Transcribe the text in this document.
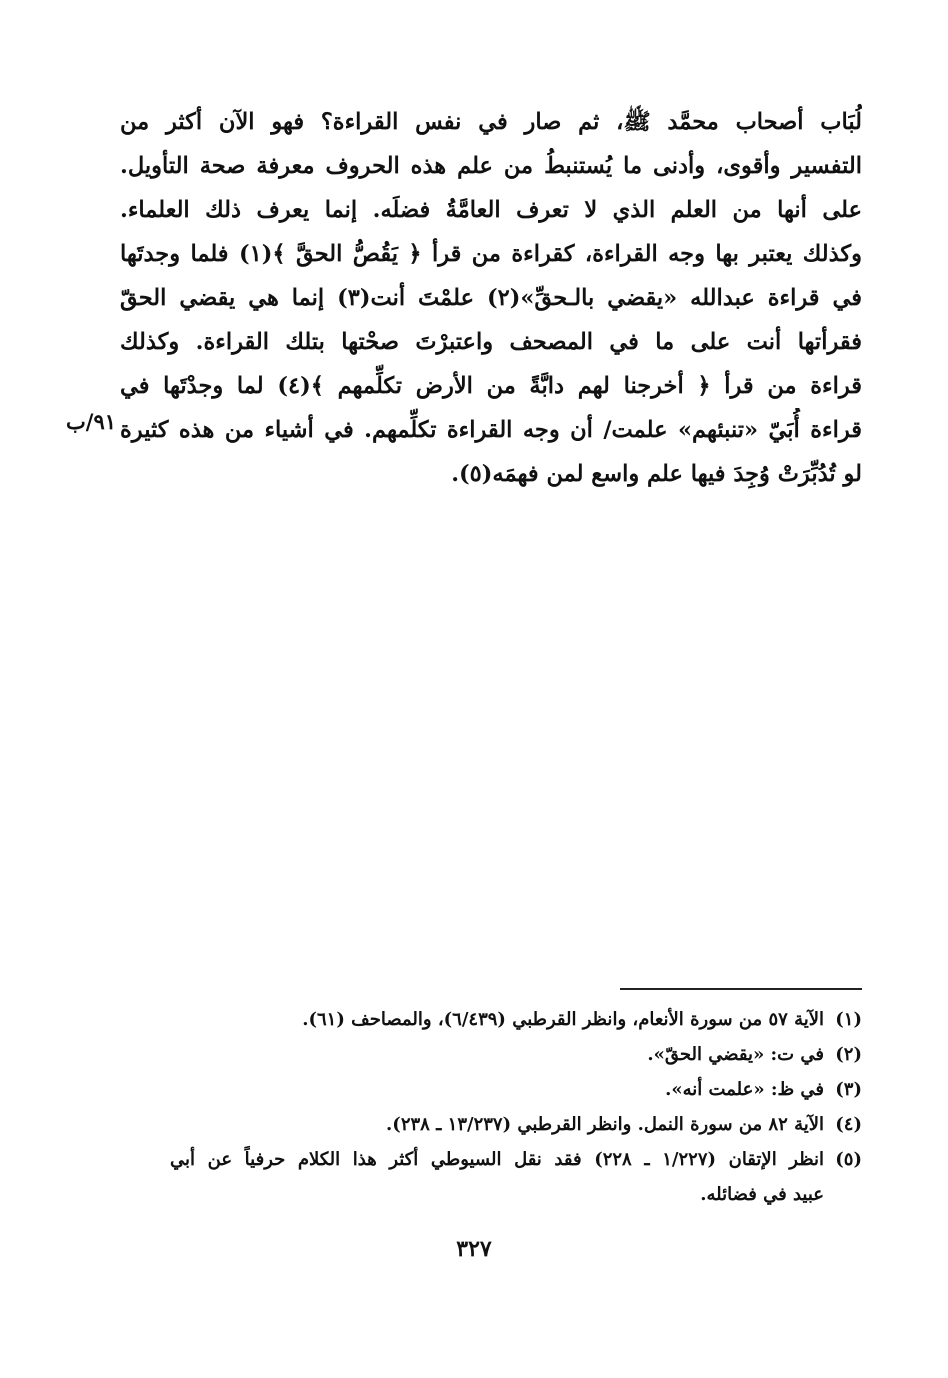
لُبَاب أصحاب محمَّد ﷺ، ثم صار في نفس القراءة؟ فهو الآن أكثر من
التفسير وأقوى، وأدنى ما يُستنبطُ من علم هذه الحروف معرفة صحة التأويل.
على أنها من العلم الذي لا تعرف العامَّةُ فضلَه. إنما يعرف ذلك العلماء.
وكذلك يعتبر بها وجه القراءة، كقراءة من قرأ ﴿ يَقُصُّ الحقَّ ﴾(١) فلما وجدتَها
في قراءة عبدالله «يقضي بالـحقِّ»(٢) علمْتَ أنت(٣) إنما هي يقضي الحقّ
فقرأتها أنت على ما في المصحف واعتبرْتَ صحْتها بتلك القراءة. وكذلك
قراءة من قرأ ﴿ أخرجنا لهم دابَّةً من الأرض تكلِّمهم ﴾(٤) لما وجدْتَها في
قراءة أُبَيّ «تنبئهم» علمت/ أن وجه القراءة تكلِّمهم. في أشياء من هذه كثيرة
لو تُدُبِّرَتْ وُجِدَ فيها علم واسع لمن فهمَه(٥).
٩١/ب
(١)
الآية ٥٧ من سورة الأنعام، وانظر القرطبي (٦/٤٣٩)، والمصاحف (٦١).
(٢)
في ت: «يقضي الحقّ».
(٣)
في ظ: «علمت أنه».
(٤)
الآية ٨٢ من سورة النمل. وانظر القرطبي (١٣/٢٣٧ ـ ٢٣٨).
(٥)
انظر الإتقان (١/٢٢٧ ـ ٢٢٨) فقد نقل السيوطي أكثر هذا الكلام حرفياً عن أبي
عبيد في فضائله.
٣٢٧
